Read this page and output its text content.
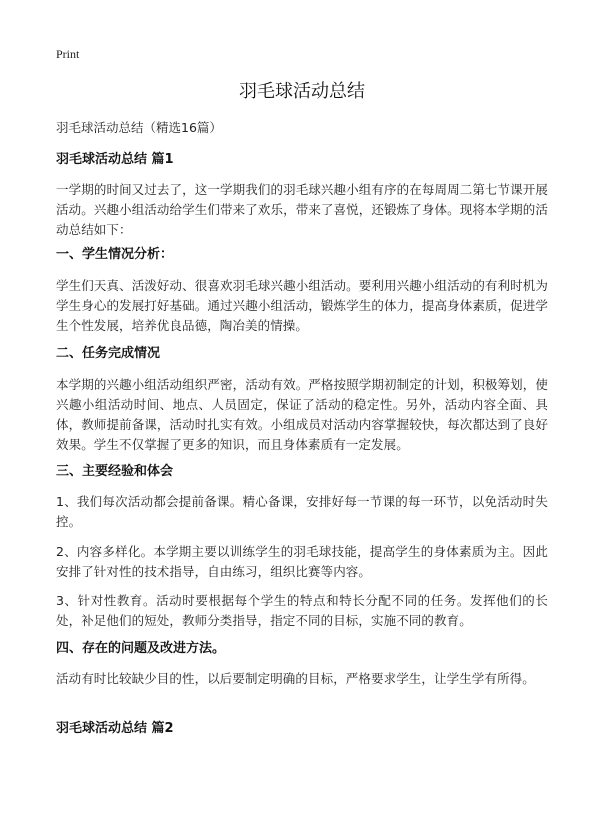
Print
羽毛球活动总结

羽毛球活动总结（精选16篇）

羽毛球活动总结 篇1

一学期的时间又过去了，这一学期我们的羽毛球兴趣小组有序的在每周周二第七节课开展活动。兴趣小组活动给学生们带来了欢乐，带来了喜悦，还锻炼了身体。现将本学期的活动总结如下：

一、学生情况分析：

学生们天真、活泼好动、很喜欢羽毛球兴趣小组活动。要利用兴趣小组活动的有利时机为学生身心的发展打好基础。通过兴趣小组活动，锻炼学生的体力，提高身体素质，促进学生个性发展，培养优良品德，陶冶美的情操。

二、任务完成情况

本学期的兴趣小组活动组织严密，活动有效。严格按照学期初制定的计划，积极筹划，使兴趣小组活动时间、地点、人员固定，保证了活动的稳定性。另外，活动内容全面、具体，教师提前备课，活动时扎实有效。小组成员对活动内容掌握较快，每次都达到了良好效果。学生不仅掌握了更多的知识，而且身体素质有一定发展。

三、主要经验和体会

1、我们每次活动都会提前备课。精心备课，安排好每一节课的每一环节，以免活动时失控。

2、内容多样化。本学期主要以训练学生的羽毛球技能，提高学生的身体素质为主。因此安排了针对性的技术指导，自由练习，组织比赛等内容。

3、针对性教育。活动时要根据每个学生的特点和特长分配不同的任务。发挥他们的长处，补足他们的短处，教师分类指导，指定不同的目标，实施不同的教育。

四、存在的问题及改进方法。

活动有时比较缺少目的性，以后要制定明确的目标，严格要求学生，让学生学有所得。

羽毛球活动总结 篇2
